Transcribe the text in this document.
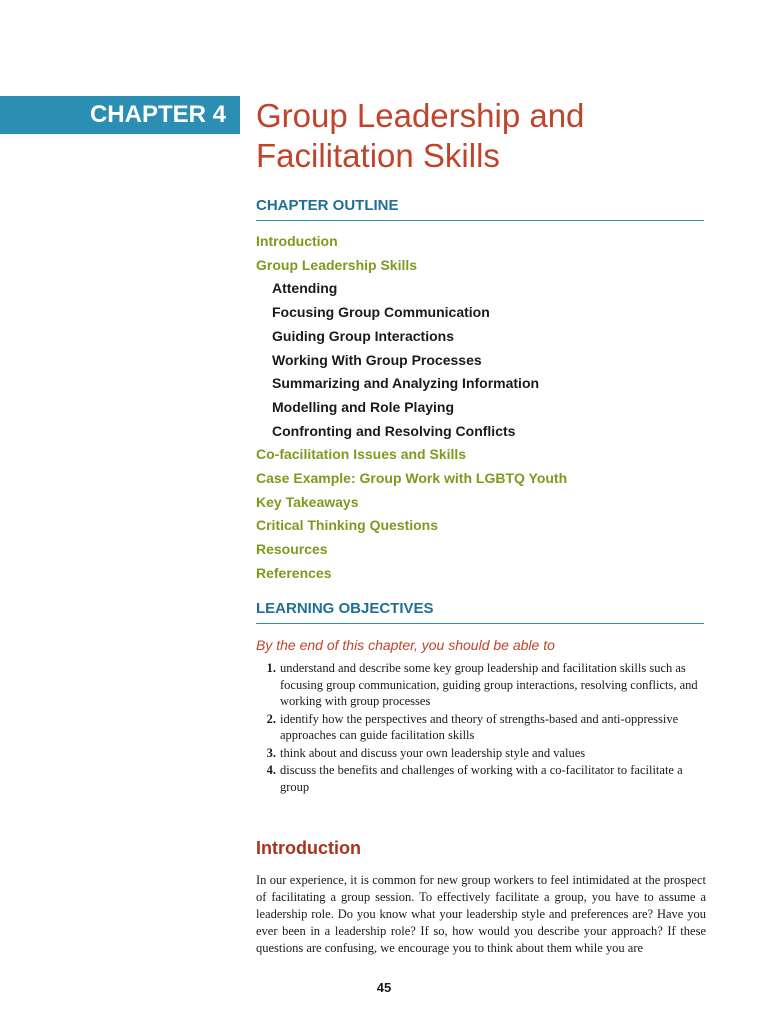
CHAPTER 4 Group Leadership and
Facilitation Skills
CHAPTER OUTLINE
Introduction
Group Leadership Skills
Attending
Focusing Group Communication
Guiding Group Interactions
Working With Group Processes
Summarizing and Analyzing Information
Modelling and Role Playing
Confronting and Resolving Conflicts
Co-facilitation Issues and Skills
Case Example: Group Work with LGBTQ Youth
Key Takeaways
Critical Thinking Questions
Resources
References
LEARNING OBJECTIVES

By the end of this chapter, you should be able to

1. understand and describe some key group leadership and facilitation skills such as focusing group communication, guiding group interactions, resolving conflicts, and working with group processes
2. identify how the perspectives and theory of strengths-based and anti-oppressive approaches can guide facilitation skills
3. think about and discuss your own leadership style and values
4. discuss the benefits and challenges of working with a co-facilitator to facilitate a group
Introduction

In our experience, it is common for new group workers to feel intimidated at the prospect of facilitating a group session. To effectively facilitate a group, you have to assume a leadership role. Do you know what your leadership style and preferences are? Have you ever been in a leadership role? If so, how would you describe your approach? If these questions are confusing, we encourage you to think about them while you are

45
